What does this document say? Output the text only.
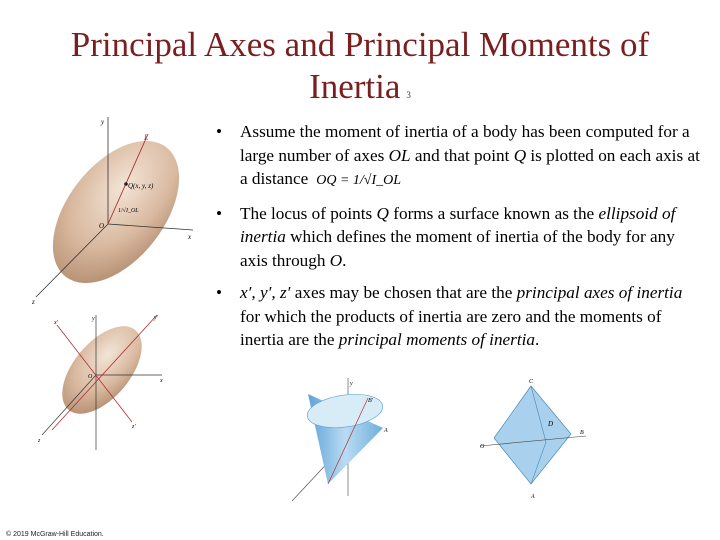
Principal Axes and Principal Moments of
Inertia 3
y
L
Q(x, y, z)
1/√I_OL
O
x
z
y	y′
x′
O
x
z
z′
y
A
B′
C
D
B
O
A
• Assume the moment of inertia of a body has been computed for a large number of axes OL and that point Q is plotted on each axis at a distance OQ = 1/√I_OL
• The locus of points Q forms a surface known as the ellipsoid of inertia which defines the moment of inertia of the body for any axis through O.
• x′, y′, z′ axes may be chosen that are the principal axes of inertia for which the products of inertia are zero and the moments of inertia are the principal moments of inertia.
© 2019 McGraw-Hill Education.
